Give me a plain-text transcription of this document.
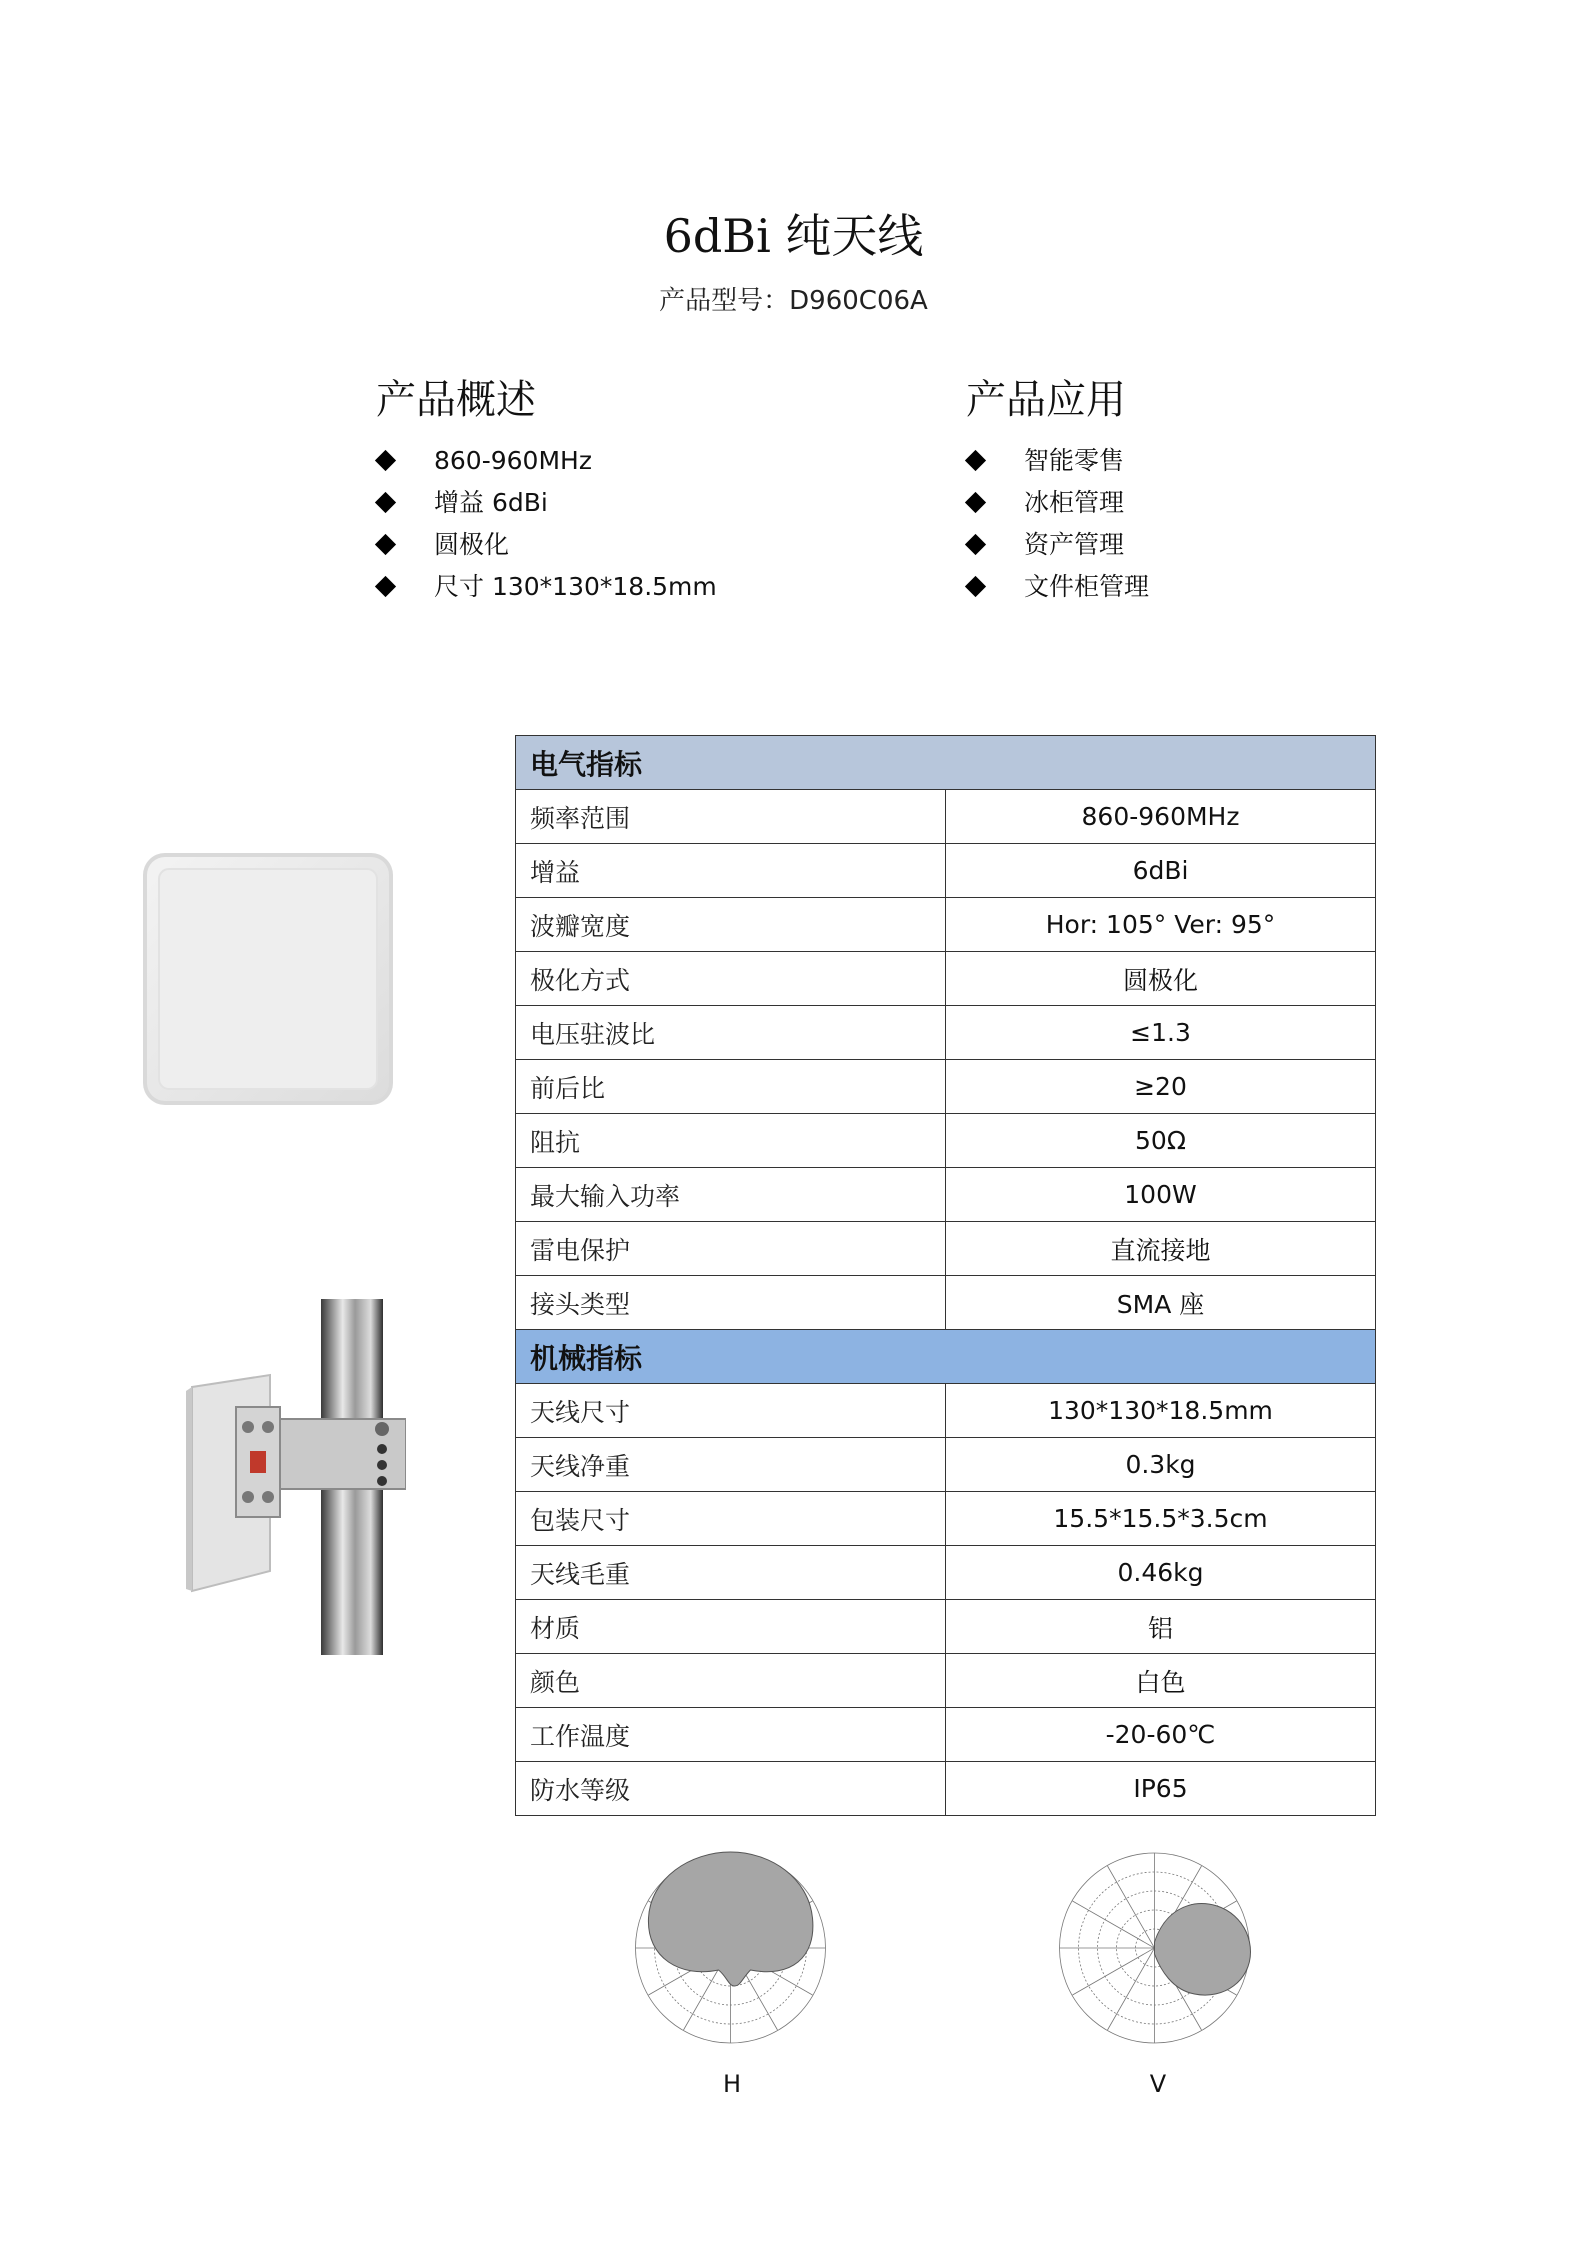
6dBi 纯天线
产品型号：D960C06A
产品概述
860-960MHz
增益 6dBi
圆极化
尺寸 130*130*18.5mm
产品应用
智能零售
冰柜管理
资产管理
文件柜管理
电气指标	
频率范围	860-960MHz
增益	6dBi
波瓣宽度	Hor: 105° Ver: 95°
极化方式	圆极化
电压驻波比	≤1.3
前后比	≥20
阻抗	50Ω
最大输入功率	100W
雷电保护	直流接地
接头类型	SMA 座
机械指标	
天线尺寸	130*130*18.5mm
天线净重	0.3kg
包装尺寸	15.5*15.5*3.5cm
天线毛重	0.46kg
材质	铝
颜色	白色
工作温度	-20-60℃
防水等级	IP65
H	V
